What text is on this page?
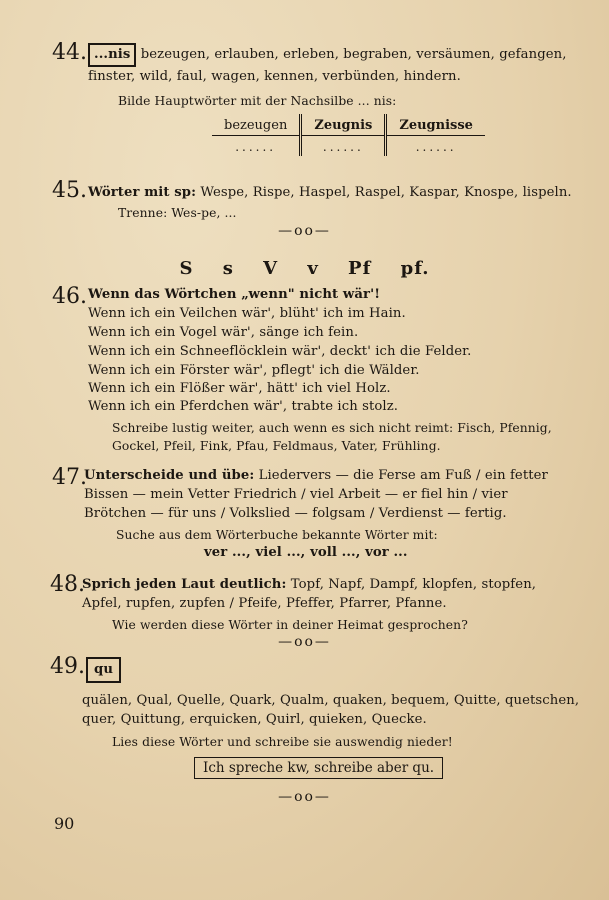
44. ...nis bezeugen, erlauben, erleben, begraben, versäumen, gefangen,
finster, wild, faul, wagen, kennen, verbünden, hindern.
Bilde Hauptwörter mit der Nachsilbe ... nis:
bezeugen	Zeugnis	Zeugnisse
......	......	......
45. Wörter mit sp: Wespe, Rispe, Haspel, Raspel, Kaspar, Knospe, lispeln.
Trenne: Wes-pe, ...
—oo—
S s V v Pf pf.
46. Wenn das Wörtchen „wenn" nicht wär'!
Wenn ich ein Veilchen wär', blüht' ich im Hain.
Wenn ich ein Vogel wär', sänge ich fein.
Wenn ich ein Schneeflöcklein wär', deckt' ich die Felder.
Wenn ich ein Förster wär', pflegt' ich die Wälder.
Wenn ich ein Flößer wär', hätt' ich viel Holz.
Wenn ich ein Pferdchen wär', trabte ich stolz.
Schreibe lustig weiter, auch wenn es sich nicht reimt: Fisch, Pfennig,
Gockel, Pfeil, Fink, Pfau, Feldmaus, Vater, Frühling.
47.
Unterscheide und übe: Liedervers — die Ferse am Fuß / ein fetter
Bissen — mein Vetter Friedrich / viel Arbeit — er fiel hin / vier
Brötchen — für uns / Volkslied — folgsam / Verdienst — fertig.
Suche aus dem Wörterbuche bekannte Wörter mit:
ver ..., viel ..., voll ..., vor ...
48.
Sprich jeden Laut deutlich: Topf, Napf, Dampf, klopfen, stopfen,
Apfel, rupfen, zupfen / Pfeife, Pfeffer, Pfarrer, Pfanne.
Wie werden diese Wörter in deiner Heimat gesprochen?
—oo—
49. qu
quälen, Qual, Quelle, Quark, Qualm, quaken, bequem, Quitte, quetschen,
quer, Quittung, erquicken, Quirl, quieken, Quecke.
Lies diese Wörter und schreibe sie auswendig nieder!
Ich spreche kw, schreibe aber qu.
—oo—
90
